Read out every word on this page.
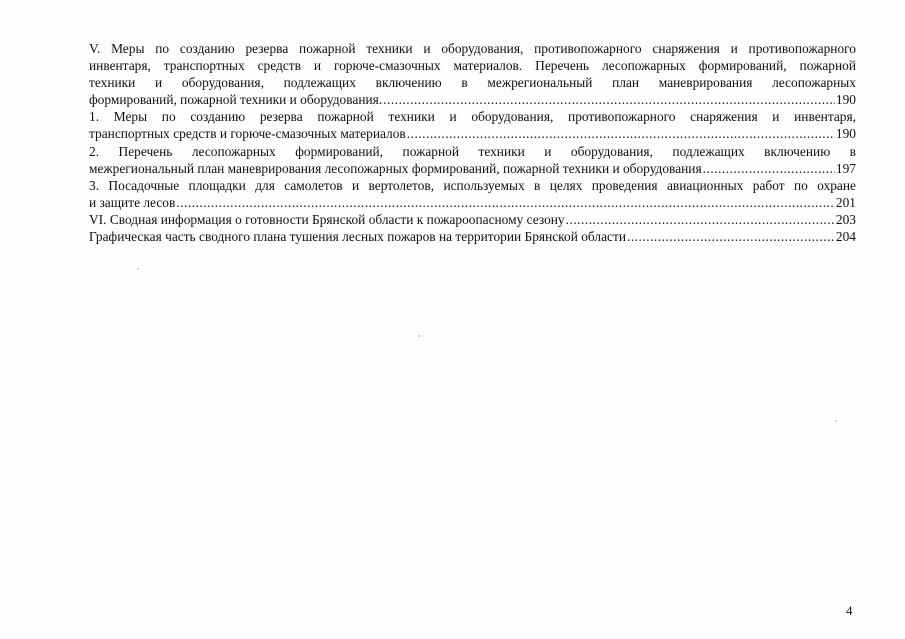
V. Меры по созданию резерва пожарной техники и оборудования, противопожарного снаряжения и противопожарного
инвентаря, транспортных средств и горюче-смазочных материалов. Перечень лесопожарных формирований, пожарной
техники и оборудования, подлежащих включению в межрегиональный план маневрирования лесопожарных
формирований, пожарной техники и оборудования. .....	190
1. Меры по созданию резерва пожарной техники и оборудования, противопожарного снаряжения и инвентаря,
транспортных средств и горюче-смазочных материалов .....	190
2. Перечень лесопожарных формирований, пожарной техники и оборудования, подлежащих включению в
межрегиональный план маневрирования лесопожарных формирований, пожарной техники и оборудования .....	197
3. Посадочные площадки для самолетов и вертолетов, используемых в целях проведения авиационных работ по охране
и защите лесов .....	201
VI. Сводная информация о готовности Брянской области к пожароопасному сезону .....	203
Графическая часть сводного плана тушения лесных пожаров на территории Брянской области .....	204
4
